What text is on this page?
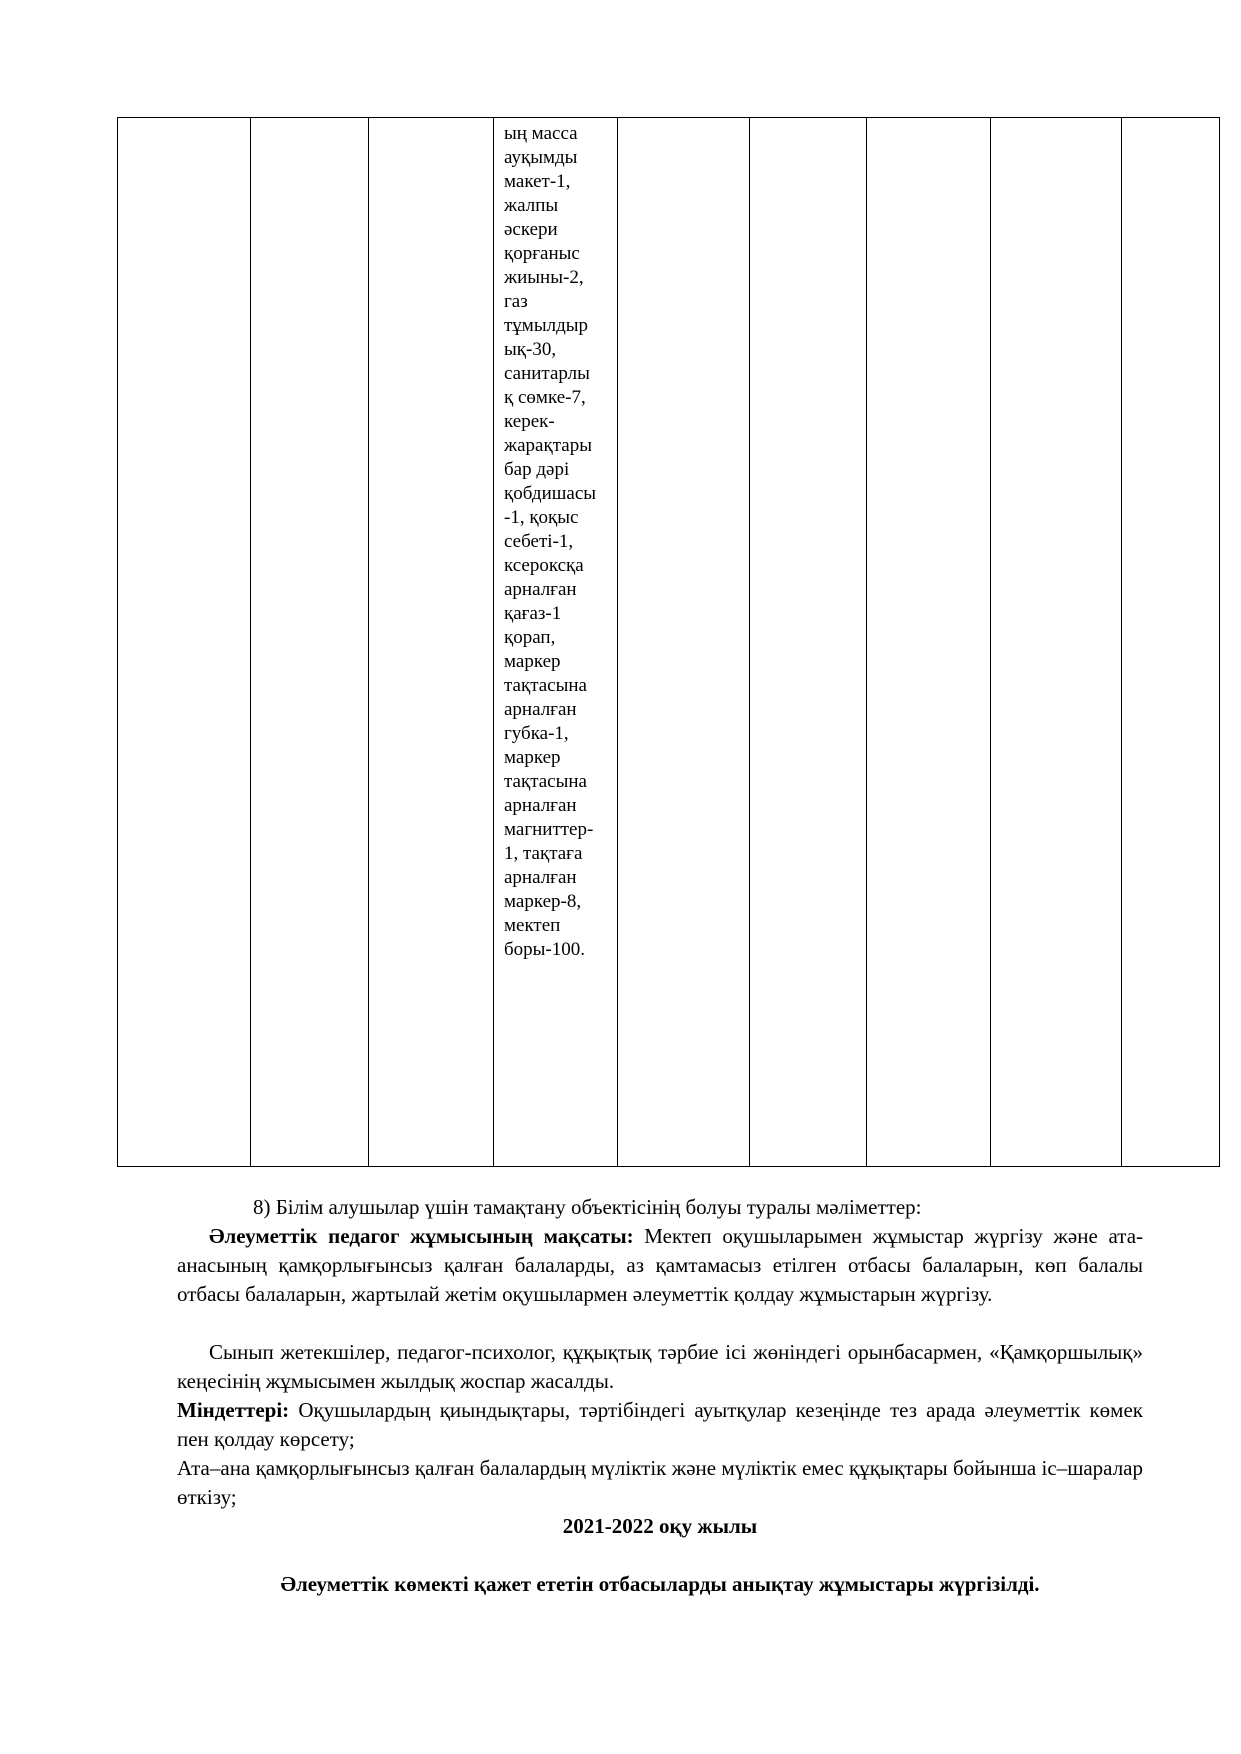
ың масса
ауқымды
макет-1,
жалпы
әскери
қорғаныс
жиыны-2,
газ
тұмылдыр
ық-30,
санитарлы
қ сөмке-7,
керек-
жарақтары
бар дәрі
қобдишасы
-1, қоқыс
себеті-1,
ксероксқа
арналған
қағаз-1
қорап,
маркер
тақтасына
арналған
губка-1,
маркер
тақтасына
арналған
магниттер-
1, тақтаға
арналған
маркер-8,
мектеп
боры-100.
8) Білім алушылар үшін тамақтану объектісінің болуы туралы мәліметтер:
Әлеуметтік педагог жұмысының мақсаты: Мектеп оқушыларымен жұмыстар жүргізу және ата-анасының қамқорлығынсыз қалған балаларды, аз қамтамасыз етілген отбасы балаларын, көп балалы отбасы балаларын, жартылай жетім оқушылармен әлеуметтік қолдау жұмыстарын жүргізу.
Сынып жетекшілер, педагог-психолог, құқықтық тәрбие ісі жөніндегі орынбасармен, «Қамқоршылық» кеңесінің жұмысымен жылдық жоспар жасалды.
Міндеттері: Оқушылардың қиындықтары, тәртібіндегі ауытқулар кезеңінде тез арада әлеуметтік көмек пен қолдау көрсету;
Ата–ана қамқорлығынсыз қалған балалардың мүліктік және мүліктік емес құқықтары бойынша іс–шаралар өткізу;
2021-2022 оқу жылы
Әлеуметтік көмекті қажет ететін отбасыларды анықтау жұмыстары жүргізілді.
